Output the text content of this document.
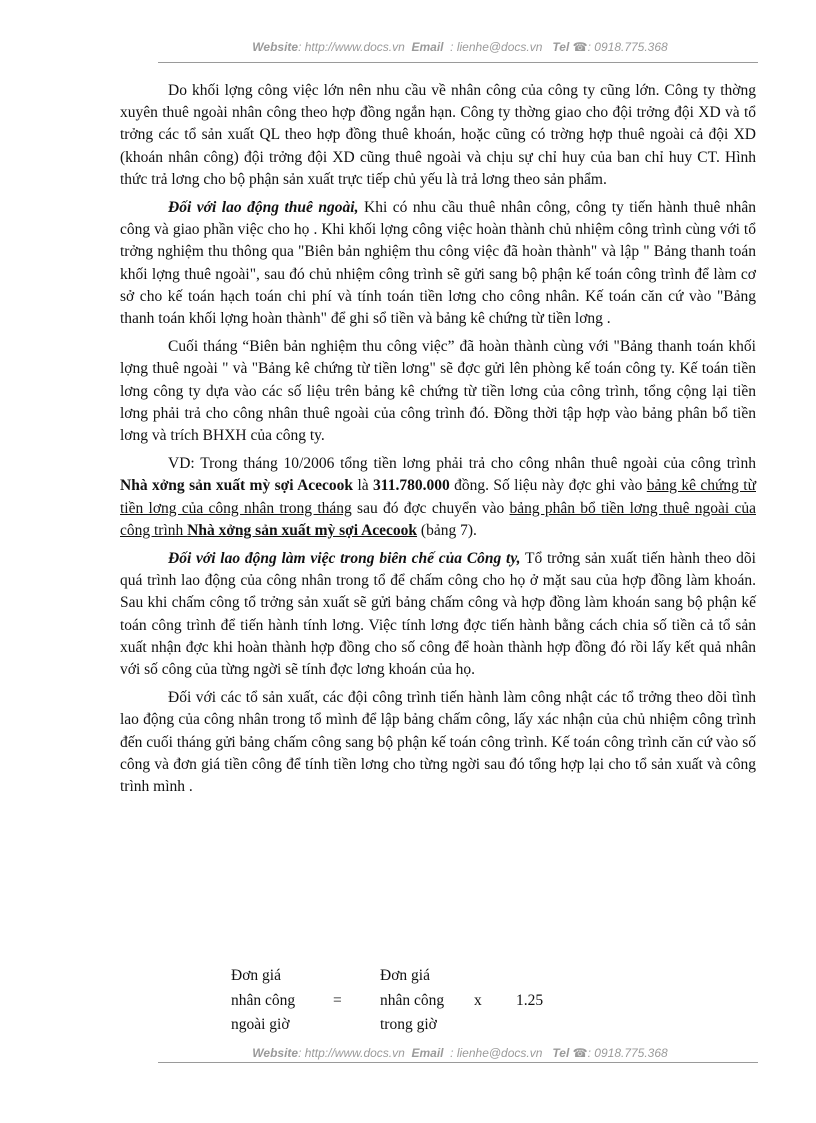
Website: http://www.docs.vn Email : lienhe@docs.vn Tel ☎: 0918.775.368

Do khối lợng công việc lớn nên nhu cầu về nhân công của công ty cũng lớn. Công ty thờng xuyên thuê ngoài nhân công theo hợp đồng ngắn hạn. Công ty thờng giao cho đội trởng đội XD và tổ trởng các tổ sản xuất QL theo hợp đồng thuê khoán, hoặc cũng có trờng hợp thuê ngoài cả đội XD (khoán nhân công) đội trởng đội XD cũng thuê ngoài và chịu sự chỉ huy của ban chỉ huy CT. Hình thức trả lơng cho bộ phận sản xuất trực tiếp chủ yếu là trả lơng theo sản phẩm.

Đối với lao động thuê ngoài, Khi có nhu cầu thuê nhân công, công ty tiến hành thuê nhân công và giao phần việc cho họ . Khi khối lợng công việc hoàn thành chủ nhiệm công trình cùng với tổ trởng nghiệm thu thông qua "Biên bản nghiệm thu công việc đã hoàn thành" và lập " Bảng thanh toán khối lợng thuê ngoài", sau đó chủ nhiệm công trình sẽ gửi sang bộ phận kế toán công trình để làm cơ sở cho kế toán hạch toán chi phí và tính toán tiền lơng cho công nhân. Kế toán căn cứ vào "Bảng thanh toán khối lợng hoàn thành" để ghi sổ tiền và bảng kê chứng từ tiền lơng .

Cuối tháng “Biên bản nghiệm thu công việc” đã hoàn thành cùng với "Bảng thanh toán khối lợng thuê ngoài " và "Bảng kê chứng từ tiền lơng" sẽ đợc gửi lên phòng kế toán công ty. Kế toán tiền lơng công ty dựa vào các số liệu trên bảng kê chứng từ tiền lơng của công trình, tổng cộng lại tiền lơng phải trả cho công nhân thuê ngoài của công trình đó. Đồng thời tập hợp vào bảng phân bổ tiền lơng và trích BHXH của công ty.

VD: Trong tháng 10/2006 tổng tiền lơng phải trả cho công nhân thuê ngoài của công trình Nhà xởng sản xuất mỳ sợi Acecook là 311.780.000 đồng. Số liệu này đợc ghi vào bảng kê chứng từ tiền lơng của công nhân trong tháng sau đó đợc chuyển vào bảng phân bổ tiền lơng thuê ngoài của công trình Nhà xởng sản xuất mỳ sợi Acecook (bảng 7).

Đối với lao động làm việc trong biên chế của Công ty, Tổ trởng sản xuất tiến hành theo dõi quá trình lao động của công nhân trong tổ để chấm công cho họ ở mặt sau của hợp đồng làm khoán. Sau khi chấm công tổ trởng sản xuất sẽ gửi bảng chấm công và hợp đồng làm khoán sang bộ phận kế toán công trình để tiến hành tính lơng. Việc tính lơng đợc tiến hành bằng cách chia số tiền cả tổ sản xuất nhận đợc khi hoàn thành hợp đồng cho số công để hoàn thành hợp đồng đó rồi lấy kết quả nhân với số công của từng ngời sẽ tính đợc lơng khoán của họ.

Đối với các tổ sản xuất, các đội công trình tiến hành làm công nhật các tổ trởng theo dõi tình lao động của công nhân trong tổ mình để lập bảng chấm công, lấy xác nhận của chủ nhiệm công trình đến cuối tháng gửi bảng chấm công sang bộ phận kế toán công trình. Kế toán công trình căn cứ vào số công và đơn giá tiền công để tính tiền lơng cho từng ngời sau đó tổng hợp lại cho tổ sản xuất và công trình mình .

Đơn giá
nhân công
ngoài giờ
=
Đơn giá
nhân công
trong giờ
x 1.25
Website: http://www.docs.vn Email : lienhe@docs.vn Tel ☎: 0918.775.368
